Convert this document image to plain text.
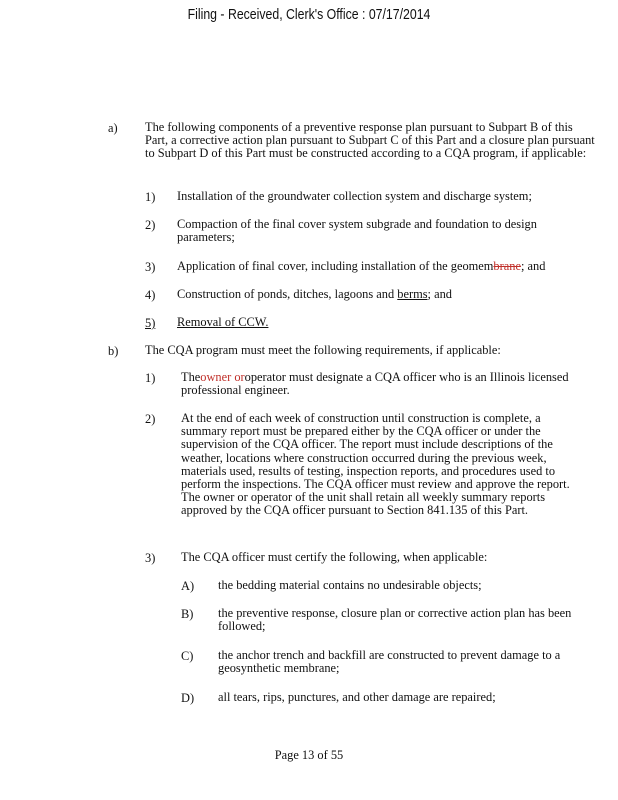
Filing - Received, Clerk's Office : 07/17/2014
a) The following components of a preventive response plan pursuant to Subpart B of this Part, a corrective action plan pursuant to Subpart C of this Part and a closure plan pursuant to Subpart D of this Part must be constructed according to a CQA program, if applicable:
1) Installation of the groundwater collection system and discharge system;
2) Compaction of the final cover system subgrade and foundation to design parameters;
3) Application of final cover, including installation of the geomembrane; and
4) Construction of ponds, ditches, lagoons and berms; and
5) Removal of CCW.
b) The CQA program must meet the following requirements, if applicable:
1) Theowner oroperator must designate a CQA officer who is an Illinois licensed professional engineer.
2) At the end of each week of construction until construction is complete, a summary report must be prepared either by the CQA officer or under the supervision of the CQA officer. The report must include descriptions of the weather, locations where construction occurred during the previous week, materials used, results of testing, inspection reports, and procedures used to perform the inspections. The CQA officer must review and approve the report. The owner or operator of the unit shall retain all weekly summary reports approved by the CQA officer pursuant to Section 841.135 of this Part.
3) The CQA officer must certify the following, when applicable:
A) the bedding material contains no undesirable objects;
B) the preventive response, closure plan or corrective action plan has been followed;
C) the anchor trench and backfill are constructed to prevent damage to a geosynthetic membrane;
D) all tears, rips, punctures, and other damage are repaired;
Page 13 of 55
